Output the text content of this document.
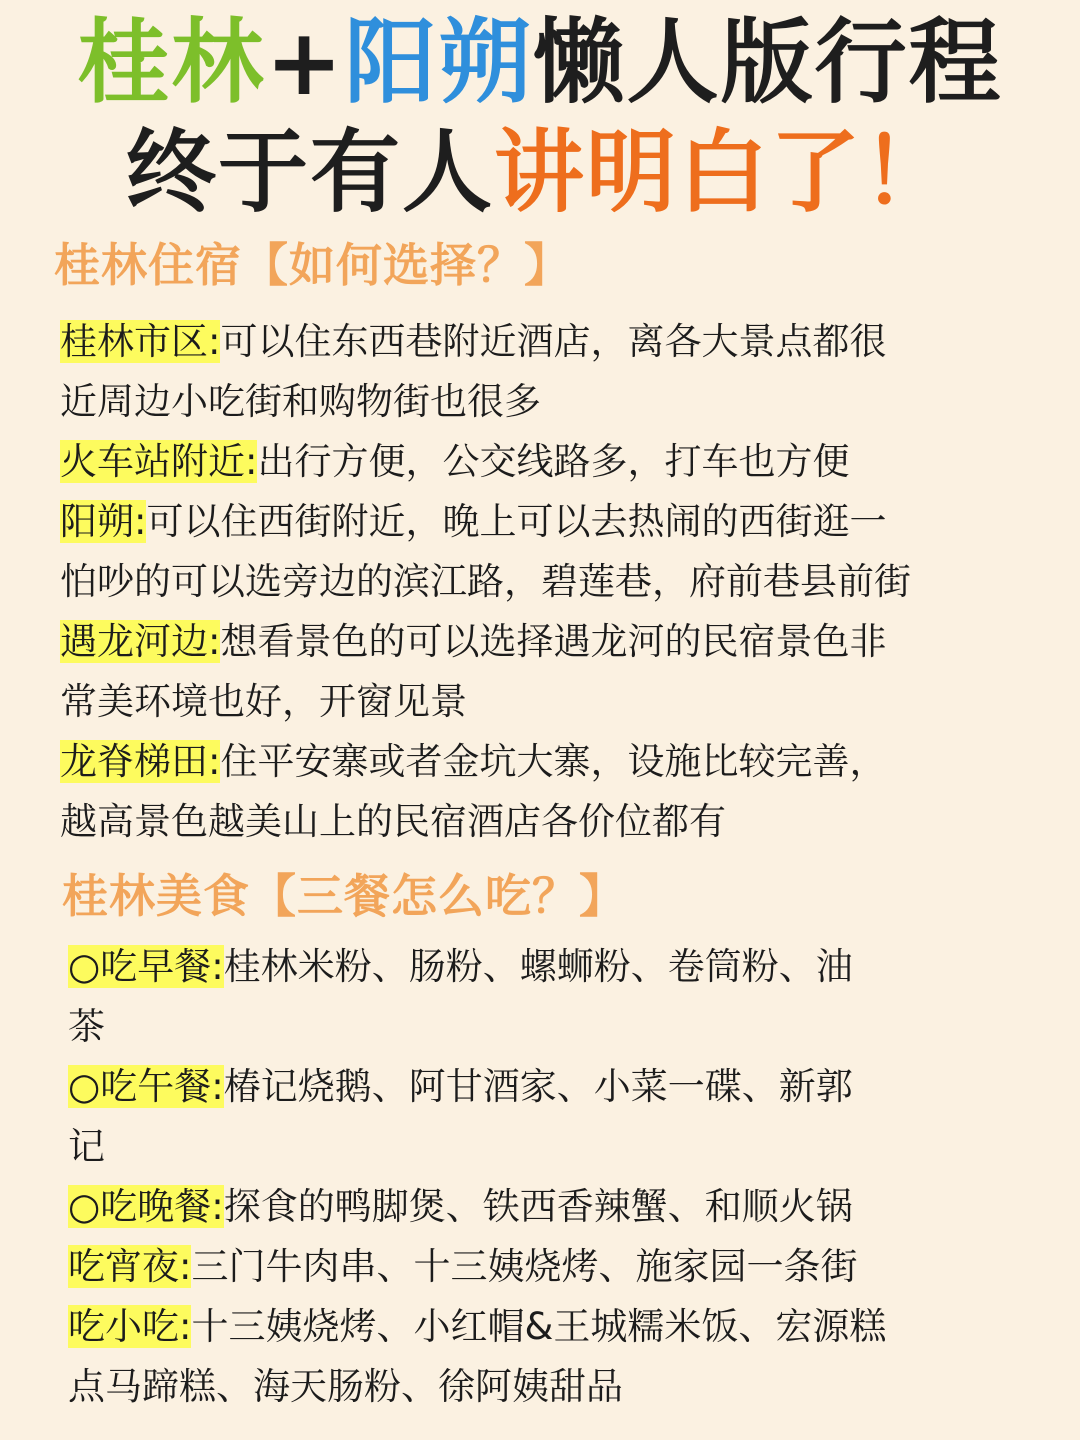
桂林+阳朔懒人版行程
终于有人讲明白了！
桂林住宿【如何选择？】
桂林市区:可以住东西巷附近酒店，离各大景点都很
近周边小吃街和购物街也很多
火车站附近:出行方便，公交线路多，打车也方便
阳朔:可以住西街附近，晚上可以去热闹的西街逛一
怕吵的可以选旁边的滨江路，碧莲巷，府前巷县前街
遇龙河边:想看景色的可以选择遇龙河的民宿景色非
常美环境也好，开窗见景
龙脊梯田:住平安寨或者金坑大寨，设施比较完善，
越高景色越美山上的民宿酒店各价位都有
桂林美食【三餐怎么吃？】
○吃早餐:桂林米粉、肠粉、螺蛳粉、卷筒粉、油
茶
○吃午餐:椿记烧鹅、阿甘酒家、小菜一碟、新郭
记
○吃晚餐:探食的鸭脚煲、铁西香辣蟹、和顺火锅
吃宵夜:三门牛肉串、十三姨烧烤、施家园一条街
吃小吃:十三姨烧烤、小红帽&王城糯米饭、宏源糕
点马蹄糕、海天肠粉、徐阿姨甜品
